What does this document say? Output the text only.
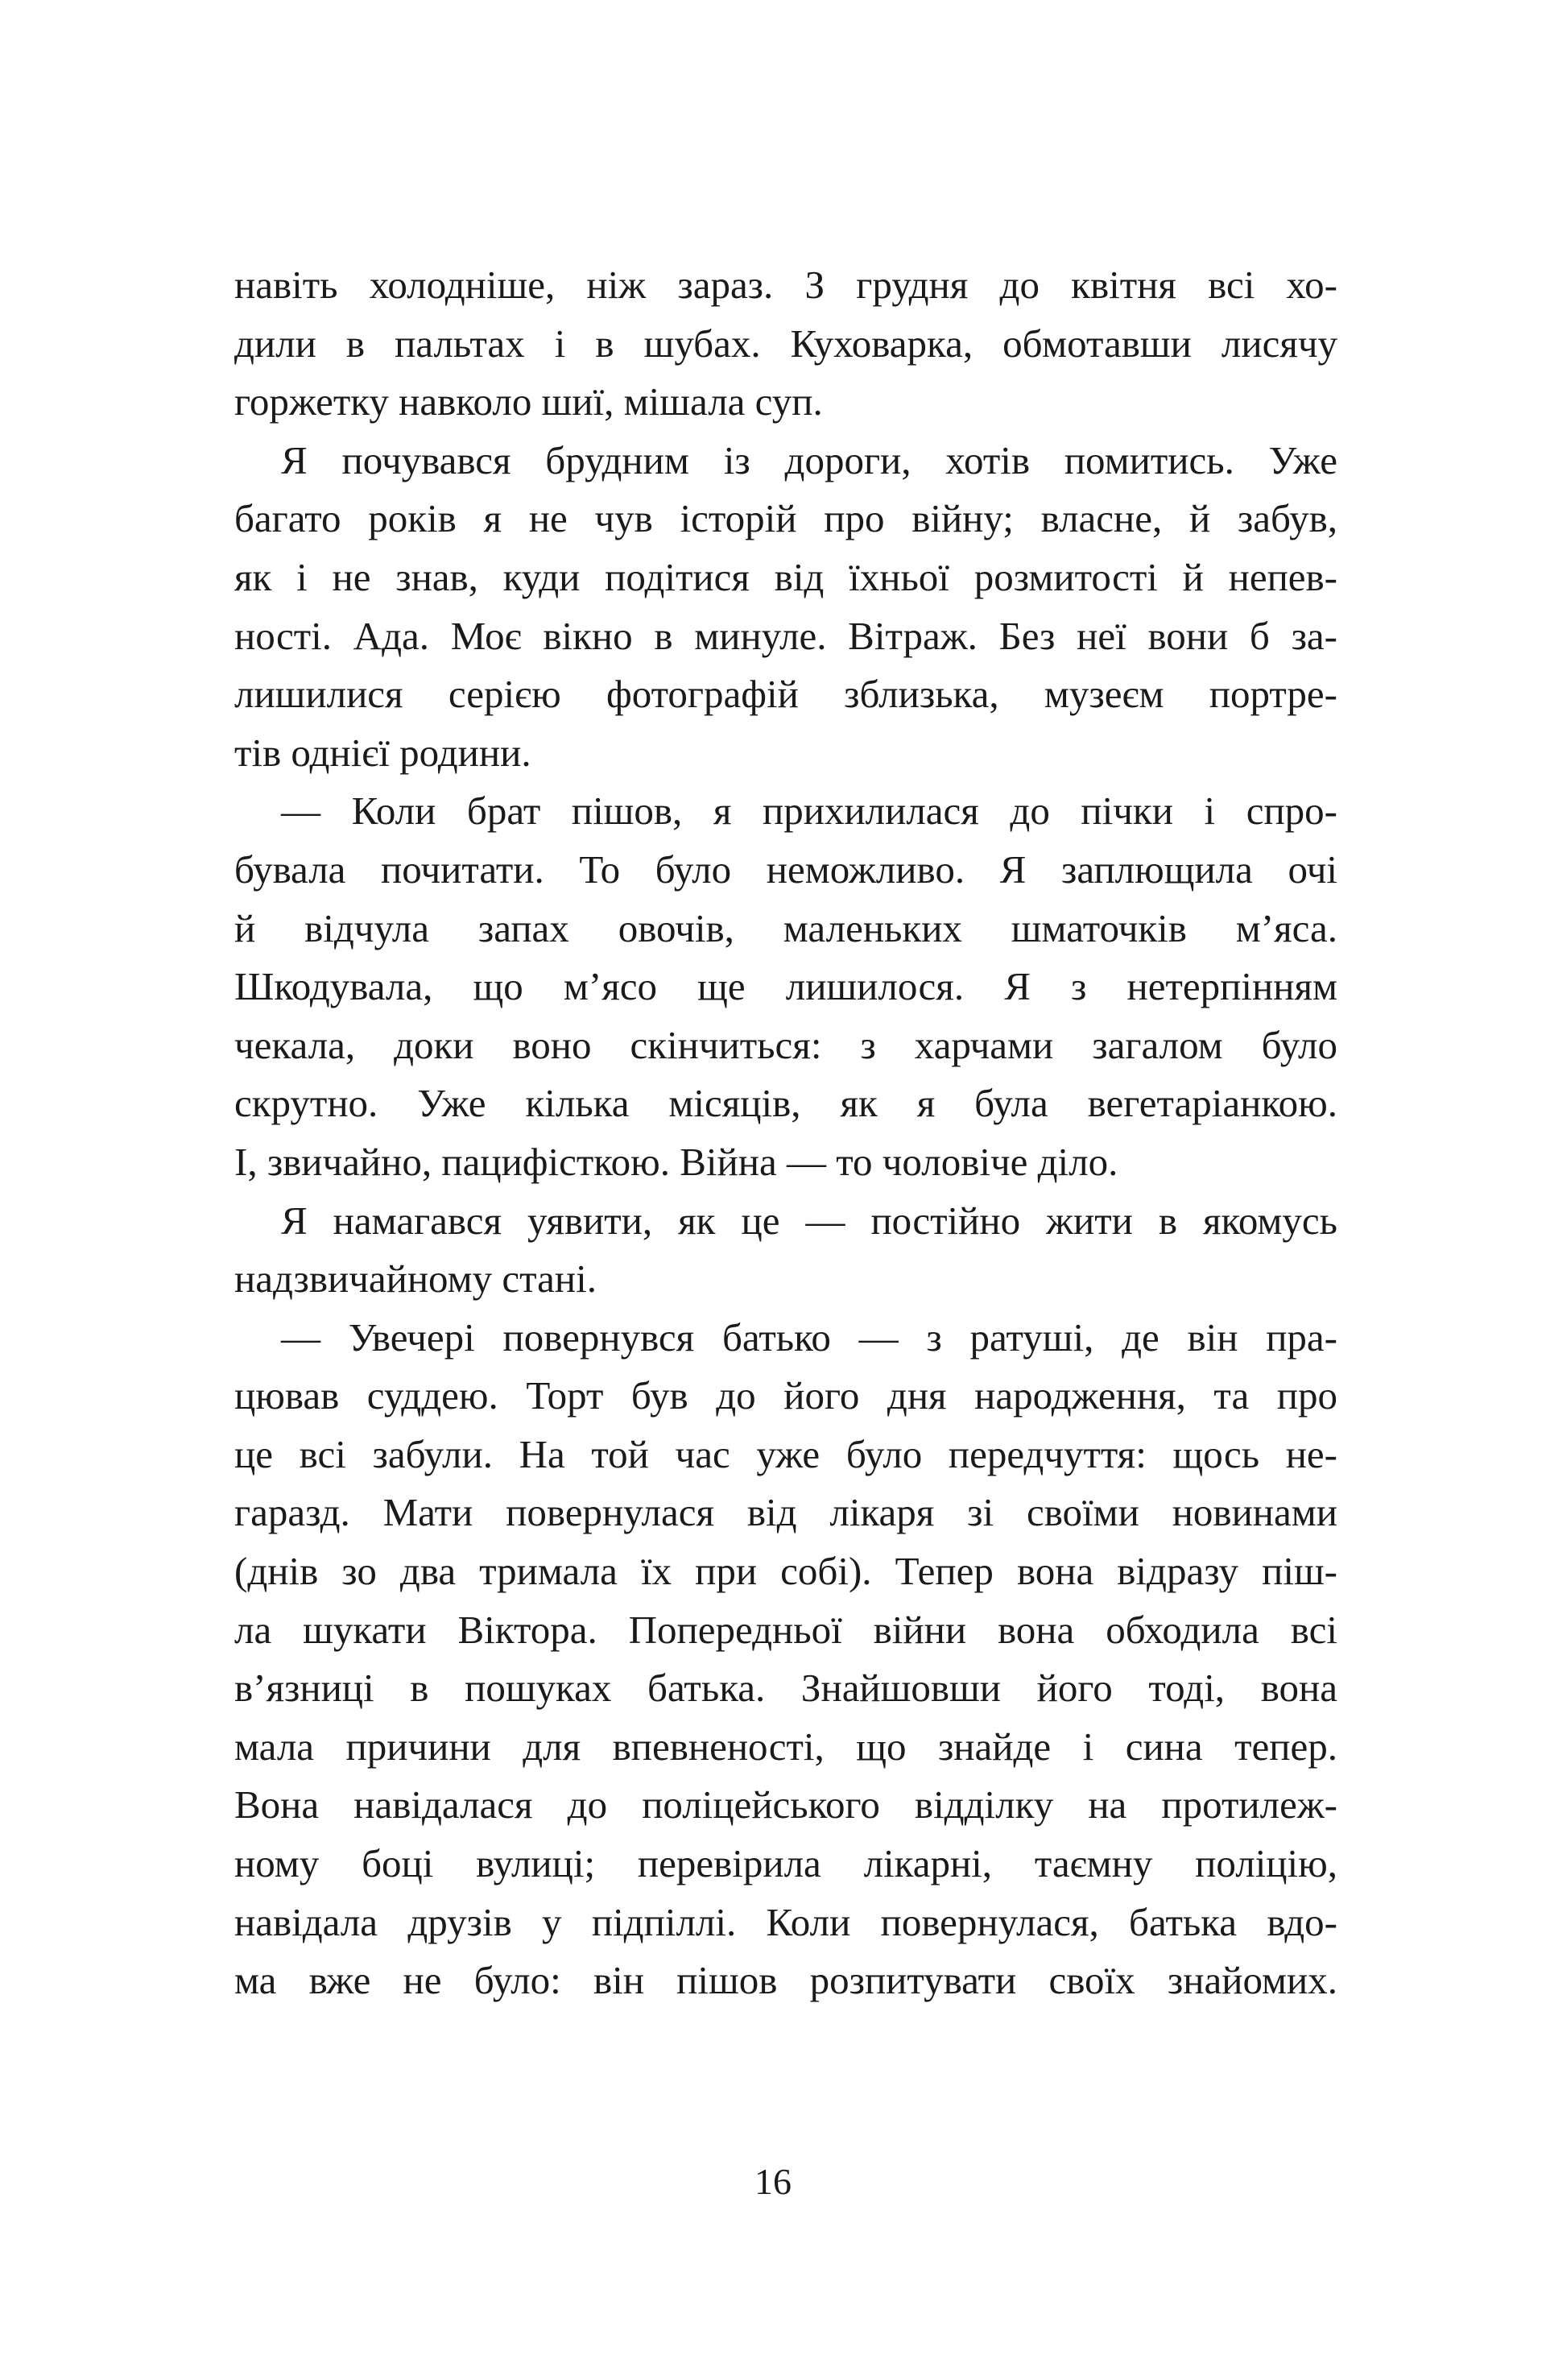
навіть холодніше, ніж зараз. З грудня до квітня всі хо-
дили в пальтах і в шубах. Куховарка, обмотавши лисячу
горжетку навколо шиї, мішала суп.
Я почувався брудним із дороги, хотів помитись. Уже
багато років я не чув історій про війну; власне, й забув,
як і не знав, куди подітися від їхньої розмитості й непев-
ності. Ада. Моє вікно в минуле. Вітраж. Без неї вони б за-
лишилися серією фотографій зблизька, музеєм портре-
тів однієї родини.
— Коли брат пішов, я прихилилася до пічки і спро-
бувала почитати. То було неможливо. Я заплющила очі
й відчула запах овочів, маленьких шматочків м’яса.
Шкодувала, що м’ясо ще лишилося. Я з нетерпінням
чекала, доки воно скінчиться: з харчами загалом було
скрутно. Уже кілька місяців, як я була вегетаріанкою.
І, звичайно, пацифісткою. Війна — то чоловіче діло.
Я намагався уявити, як це — постійно жити в якомусь
надзвичайному стані.
— Увечері повернувся батько — з ратуші, де він пра-
цював суддею. Торт був до його дня народження, та про
це всі забули. На той час уже було передчуття: щось не-
гаразд. Мати повернулася від лікаря зі своїми новинами
(днів зо два тримала їх при собі). Тепер вона відразу піш-
ла шукати Віктора. Попередньої війни вона обходила всі
в’язниці в пошуках батька. Знайшовши його тоді, вона
мала причини для впевненості, що знайде і сина тепер.
Вона навідалася до поліцейського відділку на протилеж-
ному боці вулиці; перевірила лікарні, таємну поліцію,
навідала друзів у підпіллі. Коли повернулася, батька вдо-
ма вже не було: він пішов розпитувати своїх знайомих.
16
